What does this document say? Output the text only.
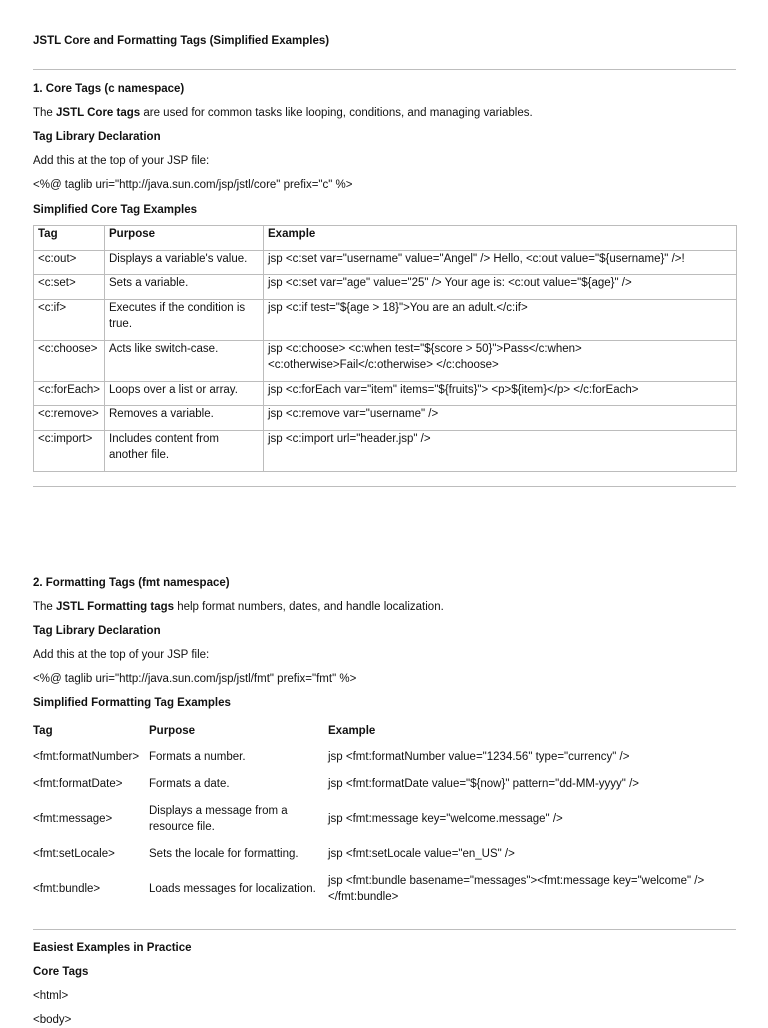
JSTL Core and Formatting Tags (Simplified Examples)
1. Core Tags (c namespace)
The JSTL Core tags are used for common tasks like looping, conditions, and managing variables.
Tag Library Declaration
Add this at the top of your JSP file:
<%@ taglib uri="http://java.sun.com/jsp/jstl/core" prefix="c" %>
Simplified Core Tag Examples
Tag	Purpose	Example
<c:out>	Displays a variable's value.	jsp <c:set var="username" value="Angel" /> Hello, <c:out value="${username}" />!
<c:set>	Sets a variable.	jsp <c:set var="age" value="25" /> Your age is: <c:out value="${age}" />
<c:if>	Executes if the condition is true.	jsp <c:if test="${age > 18}">You are an adult.</c:if>
<c:choose>	Acts like switch-case.	jsp <c:choose> <c:when test="${score > 50}">Pass</c:when> <c:otherwise>Fail</c:otherwise> </c:choose>
<c:forEach>	Loops over a list or array.	jsp <c:forEach var="item" items="${fruits}"> <p>${item}</p> </c:forEach>
<c:remove>	Removes a variable.	jsp <c:remove var="username" />
<c:import>	Includes content from another file.	jsp <c:import url="header.jsp" />
2. Formatting Tags (fmt namespace)
The JSTL Formatting tags help format numbers, dates, and handle localization.
Tag Library Declaration
Add this at the top of your JSP file:
<%@ taglib uri="http://java.sun.com/jsp/jstl/fmt" prefix="fmt" %>
Simplified Formatting Tag Examples
Tag	Purpose	Example
<fmt:formatNumber>	Formats a number.	jsp <fmt:formatNumber value="1234.56" type="currency" />
<fmt:formatDate>	Formats a date.	jsp <fmt:formatDate value="${now}" pattern="dd-MM-yyyy" />
<fmt:message>	Displays a message from a resource file.	jsp <fmt:message key="welcome.message" />
<fmt:setLocale>	Sets the locale for formatting.	jsp <fmt:setLocale value="en_US" />
<fmt:bundle>	Loads messages for localization.	jsp <fmt:bundle basename="messages"><fmt:message key="welcome" /></fmt:bundle>
Easiest Examples in Practice
Core Tags
<html>
<body>
